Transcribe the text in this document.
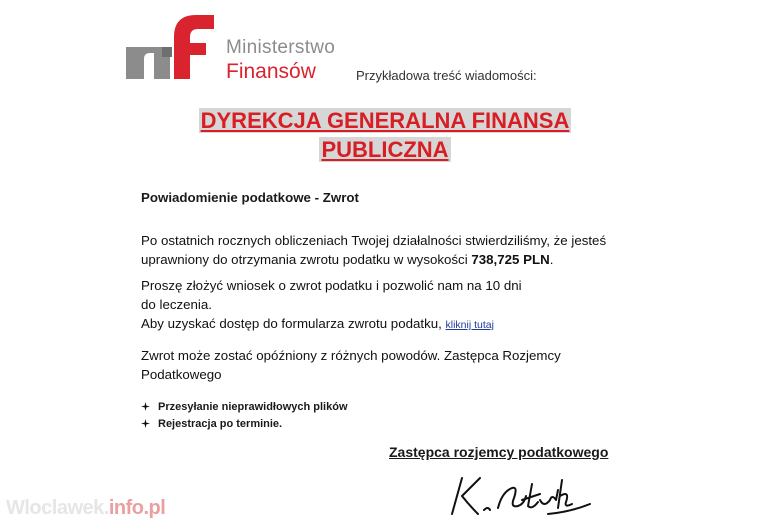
Ministerstwo
Finansów	Przykładowa treść wiadomości:
DYREKCJA GENERALNA FINANSA
PUBLICZNA
Powiadomienie podatkowe - Zwrot
Po ostatnich rocznych obliczeniach Twojej działalności stwierdziliśmy, że jesteś
uprawniony do otrzymania zwrotu podatku w wysokości 738,725 PLN.
Proszę złożyć wniosek o zwrot podatku i pozwolić nam na 10 dni
do leczenia.
Aby uzyskać dostęp do formularza zwrotu podatku, kliknij tutaj
Zwrot może zostać opóźniony z różnych powodów. Zastępca Rozjemcy
Podatkowego
Przesyłanie nieprawidłowych plików
Rejestracja po terminie.
Zastępca rozjemcy podatkowego
Wloclawek.info.pl
